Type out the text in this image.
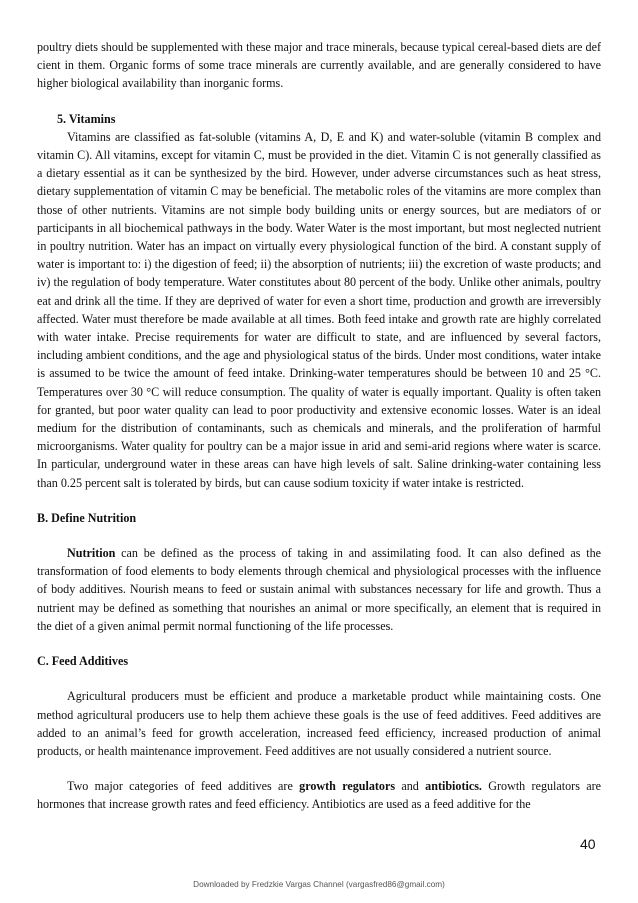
poultry diets should be supplemented with these major and trace minerals, because typical cereal-based diets are def cient in them. Organic forms of some trace minerals are currently available, and are generally considered to have higher biological availability than inorganic forms.

5. Vitamins

Vitamins are classified as fat-soluble (vitamins A, D, E and K) and water-soluble (vitamin B complex and vitamin C). All vitamins, except for vitamin C, must be provided in the diet. Vitamin C is not generally classified as a dietary essential as it can be synthesized by the bird. However, under adverse circumstances such as heat stress, dietary supplementation of vitamin C may be beneficial. The metabolic roles of the vitamins are more complex than those of other nutrients. Vitamins are not simple body building units or energy sources, but are mediators of or participants in all biochemical pathways in the body. Water Water is the most important, but most neglected nutrient in poultry nutrition. Water has an impact on virtually every physiological function of the bird. A constant supply of water is important to: i) the digestion of feed; ii) the absorption of nutrients; iii) the excretion of waste products; and iv) the regulation of body temperature. Water constitutes about 80 percent of the body. Unlike other animals, poultry eat and drink all the time. If they are deprived of water for even a short time, production and growth are irreversibly affected. Water must therefore be made available at all times. Both feed intake and growth rate are highly correlated with water intake. Precise requirements for water are difficult to state, and are influenced by several factors, including ambient conditions, and the age and physiological status of the birds. Under most conditions, water intake is assumed to be twice the amount of feed intake. Drinking-water temperatures should be between 10 and 25 °C. Temperatures over 30 °C will reduce consumption. The quality of water is equally important. Quality is often taken for granted, but poor water quality can lead to poor productivity and extensive economic losses. Water is an ideal medium for the distribution of contaminants, such as chemicals and minerals, and the proliferation of harmful microorganisms. Water quality for poultry can be a major issue in arid and semi-arid regions where water is scarce. In particular, underground water in these areas can have high levels of salt. Saline drinking-water containing less than 0.25 percent salt is tolerated by birds, but can cause sodium toxicity if water intake is restricted.

B. Define Nutrition

Nutrition can be defined as the process of taking in and assimilating food. It can also defined as the transformation of food elements to body elements through chemical and physiological processes with the influence of body additives. Nourish means to feed or sustain animal with substances necessary for life and growth. Thus a nutrient may be defined as something that nourishes an animal or more specifically, an element that is required in the diet of a given animal permit normal functioning of the life processes.

C. Feed Additives

Agricultural producers must be efficient and produce a marketable product while maintaining costs. One method agricultural producers use to help them achieve these goals is the use of feed additives. Feed additives are added to an animal’s feed for growth acceleration, increased feed efficiency, increased production of animal products, or health maintenance improvement. Feed additives are not usually considered a nutrient source.

Two major categories of feed additives are growth regulators and antibiotics. Growth regulators are hormones that increase growth rates and feed efficiency. Antibiotics are used as a feed additive for the

40
Downloaded by Fredzkie Vargas Channel (vargasfred86@gmail.com)
